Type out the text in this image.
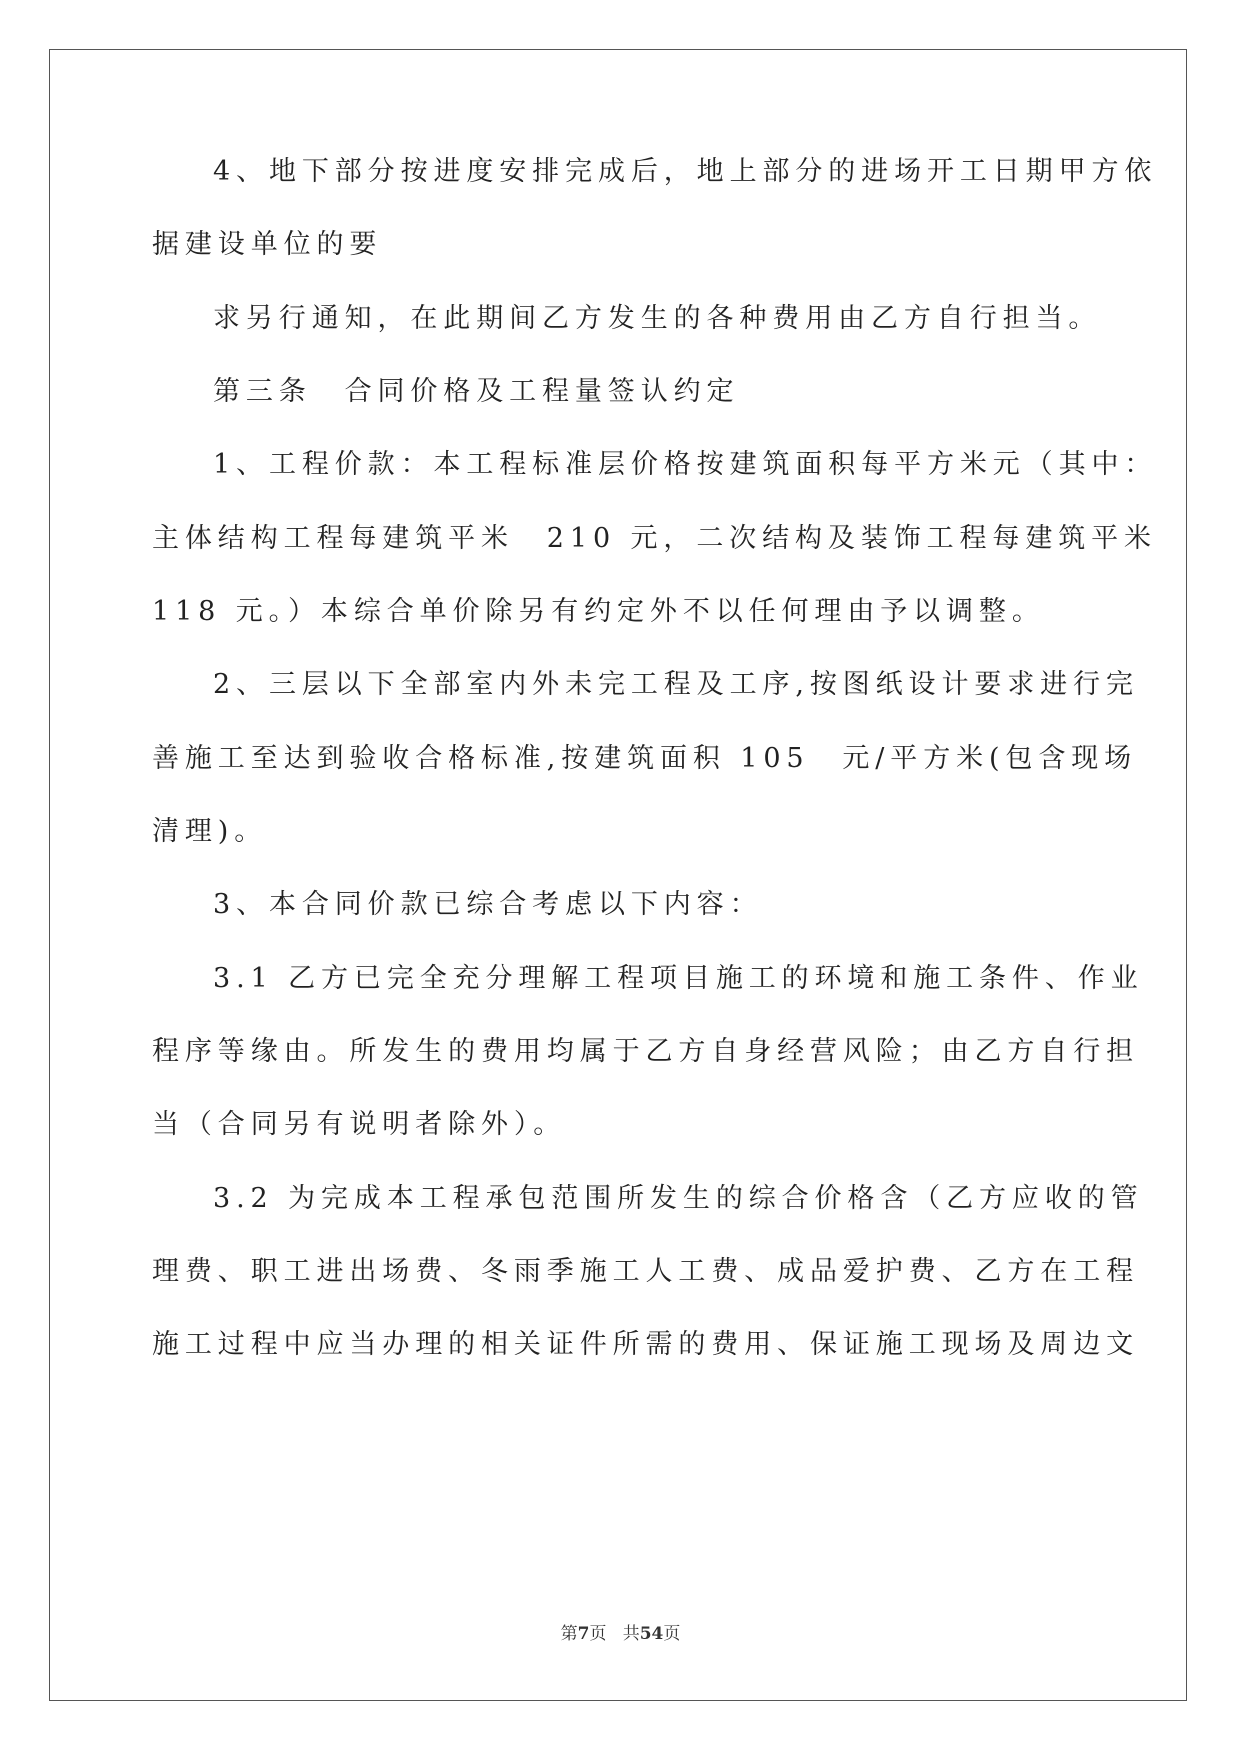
4、地下部分按进度安排完成后，地上部分的进场开工日期甲方依
据建设单位的要
求另行通知，在此期间乙方发生的各种费用由乙方自行担当。
第三条　合同价格及工程量签认约定
1、工程价款：本工程标准层价格按建筑面积每平方米元（其中：
主体结构工程每建筑平米　210 元，二次结构及装饰工程每建筑平米
118 元。）本综合单价除另有约定外不以任何理由予以调整。
2、三层以下全部室内外未完工程及工序,按图纸设计要求进行完
善施工至达到验收合格标准,按建筑面积 105　元/平方米(包含现场
清理)。
3、本合同价款已综合考虑以下内容：
3.1 乙方已完全充分理解工程项目施工的环境和施工条件、作业
程序等缘由。所发生的费用均属于乙方自身经营风险；由乙方自行担
当（合同另有说明者除外）。
3.2 为完成本工程承包范围所发生的综合价格含（乙方应收的管
理费、职工进出场费、冬雨季施工人工费、成品爱护费、乙方在工程
施工过程中应当办理的相关证件所需的费用、保证施工现场及周边文
第7页 共54页
